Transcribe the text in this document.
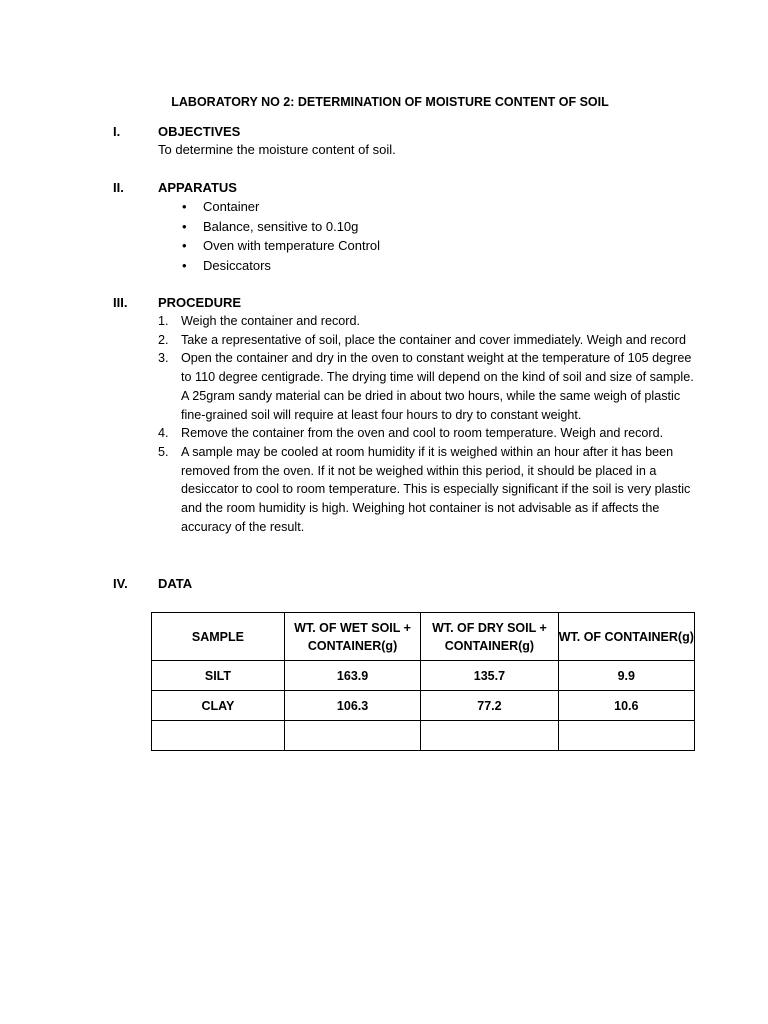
LABORATORY NO 2: DETERMINATION OF MOISTURE CONTENT OF SOIL
I.	OBJECTIVES
To determine the moisture content of soil.
II.	APPARATUS
• Container
• Balance, sensitive to 0.10g
• Oven with temperature Control
• Desiccators
III. PROCEDURE
1. Weigh the container and record.
2. Take a representative of soil, place the container and cover immediately. Weigh and record
3. Open the container and dry in the oven to constant weight at the temperature of 105 degree to 110 degree centigrade. The drying time will depend on the kind of soil and size of sample. A 25gram sandy material can be dried in about two hours, while the same weigh of plastic fine-grained soil will require at least four hours to dry to constant weight.
4. Remove the container from the oven and cool to room temperature. Weigh and record.
5. A sample may be cooled at room humidity if it is weighed within an hour after it has been removed from the oven. If it not be weighed within this period, it should be placed in a desiccator to cool to room temperature. This is especially significant if the soil is very plastic and the room humidity is high. Weighing hot container is not advisable as if affects the accuracy of the result.
IV. DATA
SAMPLE	WT. OF WET SOIL + CONTAINER(g)	WT. OF DRY SOIL + CONTAINER(g)	WT. OF CONTAINER(g)
SILT	163.9	135.7	9.9
CLAY	106.3	77.2	10.6
